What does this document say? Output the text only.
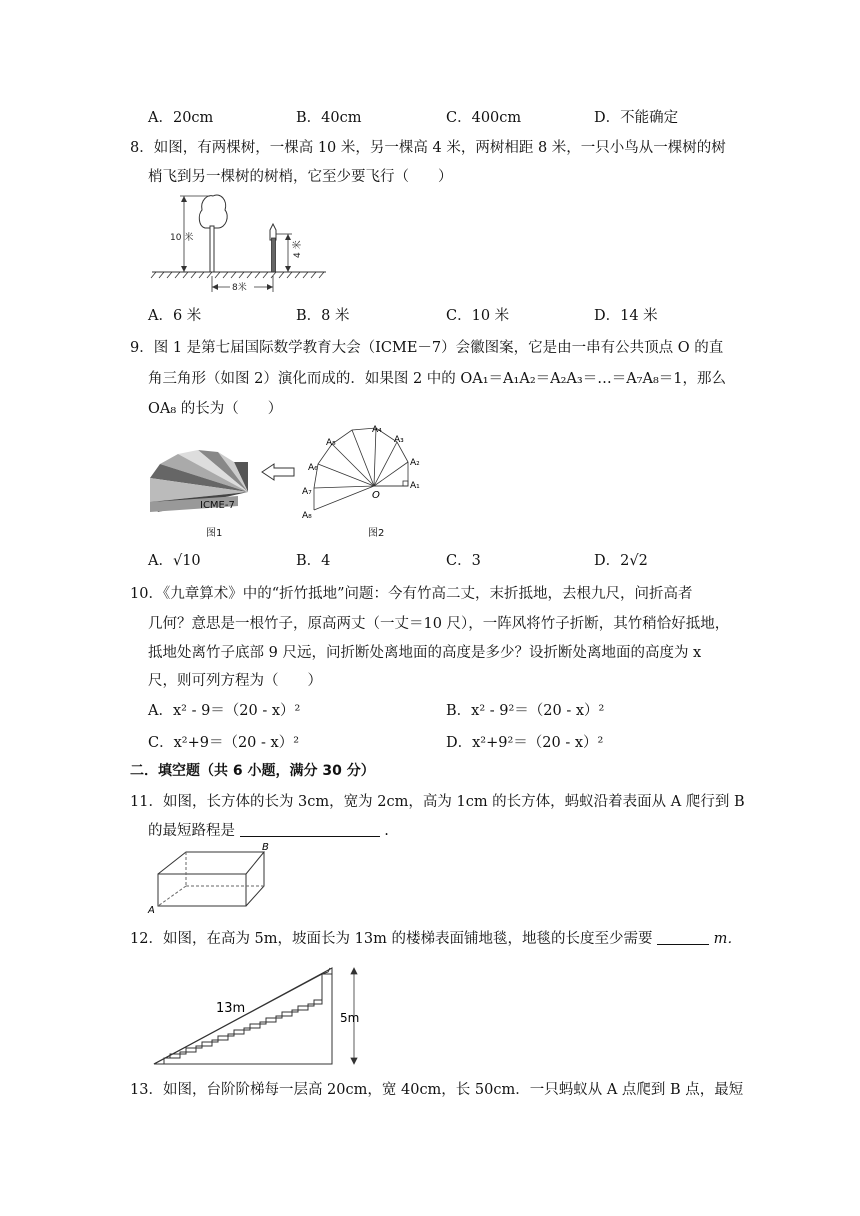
A．20cm	B．40cm	C．400cm	D．不能确定
8．如图，有两棵树，一棵高 10 米，另一棵高 4 米，两树相距 8 米，一只小鸟从一棵树的树
梢飞到另一棵树的树梢，它至少要飞行（　　）
10 米
4 米
8米
A．6 米	B．8 米	C．10 米	D．14 米
9．图 1 是第七届国际数学教育大会（ICME－7）会徽图案，它是由一串有公共顶点 O 的直
角三角形（如图 2）演化而成的．如果图 2 中的 OA₁＝A₁A₂＝A₂A₃＝…＝A₇A₈＝1，那么
OA₈ 的长为（　　）
ICME-7
图1
A₂
A₁
A₃
A₄
A₅
A₆
A₇
A₈
O
图2
A．√10	B．4	C．3	D．2√2
10．《九章算术》中的“折竹抵地”问题：今有竹高二丈，末折抵地，去根九尺，问折高者
几何？意思是一根竹子，原高两丈（一丈＝10 尺），一阵风将竹子折断，其竹稍恰好抵地，
抵地处离竹子底部 9 尺远，问折断处离地面的高度是多少？设折断处离地面的高度为 x
尺，则可列方程为（　　）
A．x² - 9＝（20 - x）²	B．x² - 9²＝（20 - x）²
C．x²+9＝（20 - x）²	D．x²+9²＝（20 - x）²
二．填空题（共 6 小题，满分 30 分）
11．如图，长方体的长为 3cm，宽为 2cm，高为 1cm 的长方体，蚂蚁沿着表面从 A 爬行到 B
的最短路程是	.
A
B
12．如图，在高为 5m，坡面长为 13m 的楼梯表面铺地毯，地毯的长度至少需要	m．
5m
13m
13．如图，台阶阶梯每一层高 20cm，宽 40cm，长 50cm．一只蚂蚁从 A 点爬到 B 点，最短
